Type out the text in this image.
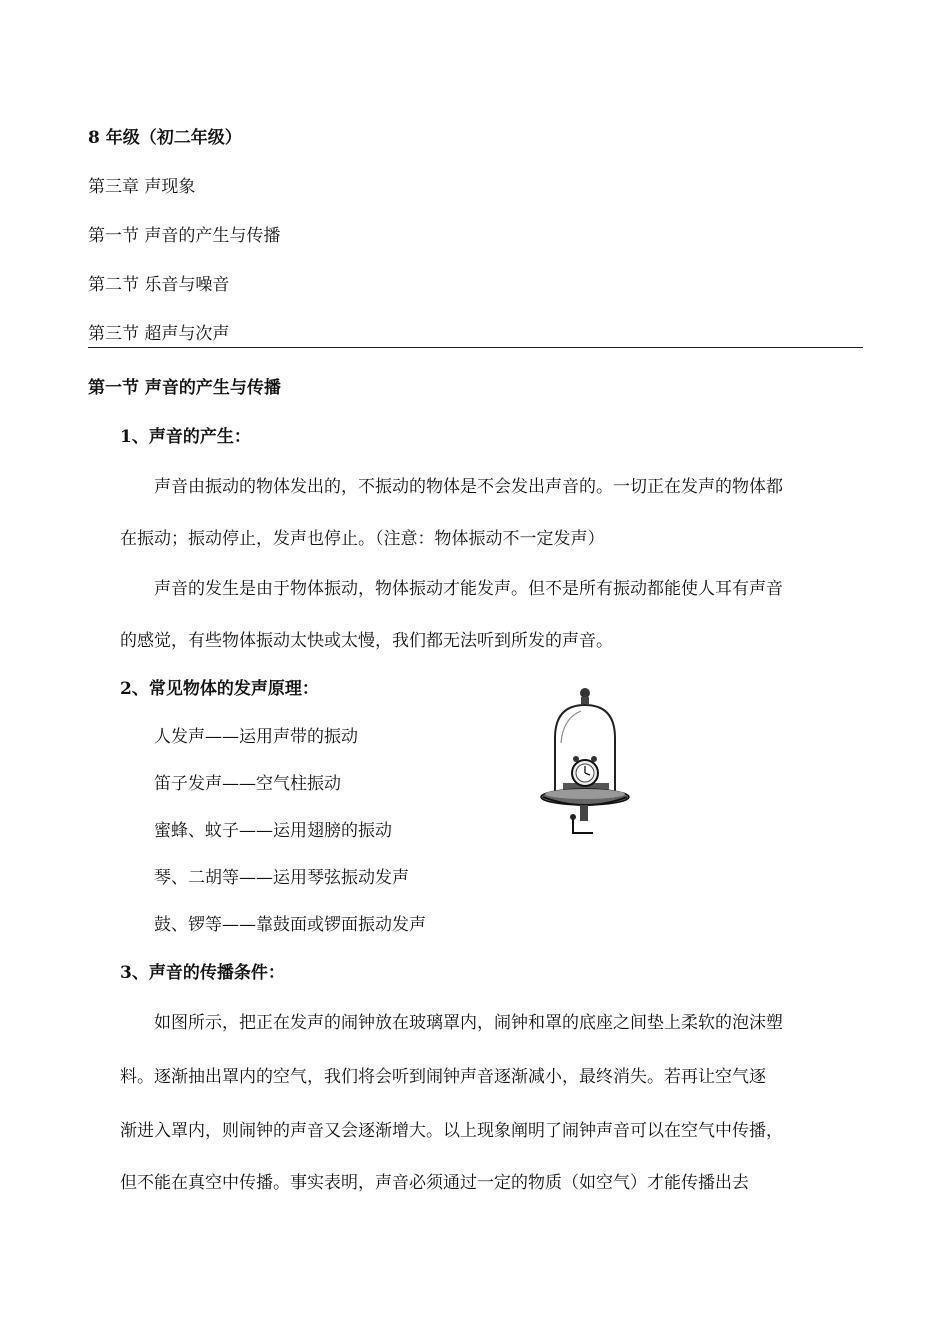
8 年级（初二年级）
第三章 声现象
第一节 声音的产生与传播
第二节 乐音与噪音
第三节 超声与次声
第一节 声音的产生与传播
1、声音的产生：
声音由振动的物体发出的，不振动的物体是不会发出声音的。一切正在发声的物体都
在振动；振动停止，发声也停止。（注意：物体振动不一定发声）
声音的发生是由于物体振动，物体振动才能发声。但不是所有振动都能使人耳有声音
的感觉，有些物体振动太快或太慢，我们都无法听到所发的声音。
2、常见物体的发声原理：
人发声——运用声带的振动
笛子发声——空气柱振动
蜜蜂、蚊子——运用翅膀的振动
琴、二胡等——运用琴弦振动发声
鼓、锣等——靠鼓面或锣面振动发声
3、声音的传播条件：
如图所示，把正在发声的闹钟放在玻璃罩内，闹钟和罩的底座之间垫上柔软的泡沫塑
料。逐渐抽出罩内的空气，我们将会听到闹钟声音逐渐减小，最终消失。若再让空气逐
渐进入罩内，则闹钟的声音又会逐渐增大。以上现象阐明了闹钟声音可以在空气中传播，
但不能在真空中传播。事实表明，声音必须通过一定的物质（如空气）才能传播出去
